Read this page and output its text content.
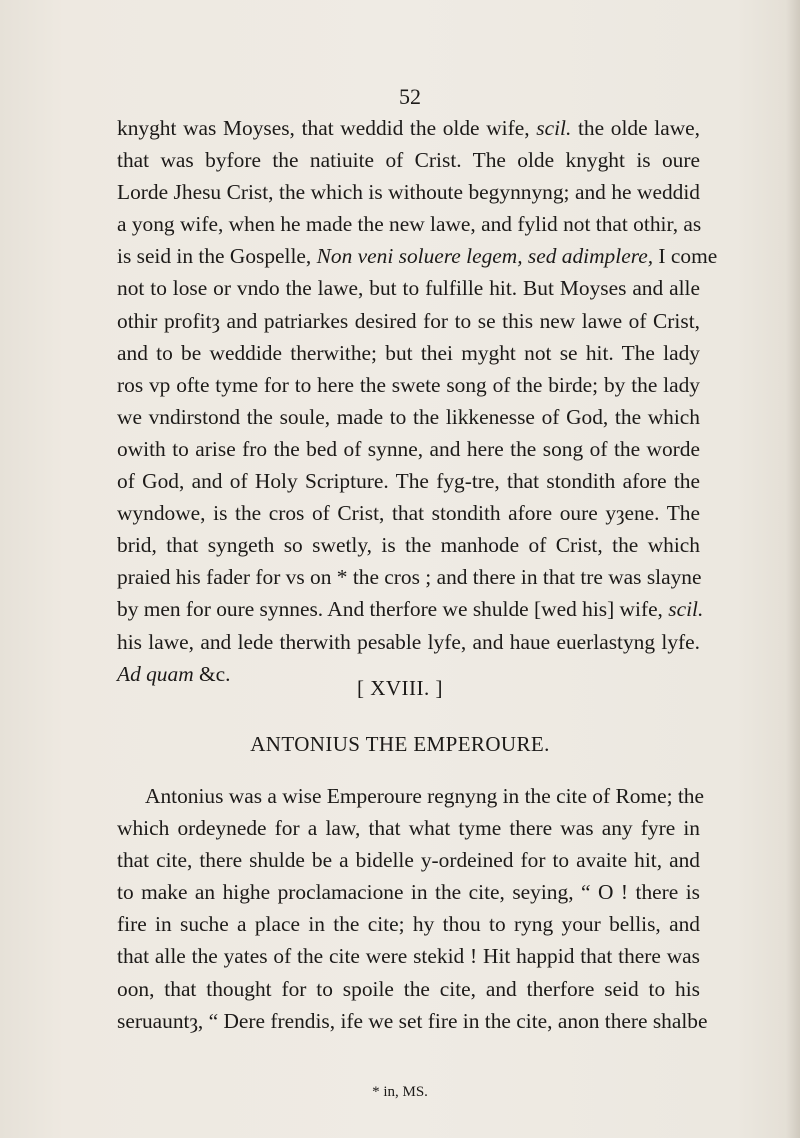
52
knyght was Moyses, that weddid the olde wife, scil. the olde lawe,
that was byfore the natiuite of Crist. The olde knyght is oure
Lorde Jhesu Crist, the which is withoute begynnyng; and he weddid
a yong wife, when he made the new lawe, and fylid not that othir, as
is seid in the Gospelle, Non veni soluere legem, sed adimplere, I come
not to lose or vndo the lawe, but to fulfille hit. But Moyses and alle
othir profitȝ and patriarkes desired for to se this new lawe of Crist,
and to be weddide therwithe; but thei myght not se hit. The lady
ros vp ofte tyme for to here the swete song of the birde; by the lady
we vndirstond the soule, made to the likkenesse of God, the which
owith to arise fro the bed of synne, and here the song of the worde
of God, and of Holy Scripture. The fyg-tre, that stondith afore the
wyndowe, is the cros of Crist, that stondith afore oure yȝene. The
brid, that syngeth so swetly, is the manhode of Crist, the which
praied his fader for vs on * the cros ; and there in that tre was slayne
by men for oure synnes. And therfore we shulde [wed his] wife, scil.
his lawe, and lede therwith pesable lyfe, and haue euerlastyng lyfe.
Ad quam &c.
[ XVIII. ]
ANTONIUS THE EMPEROURE.
Antonius was a wise Emperoure regnyng in the cite of Rome; the
which ordeynede for a law, that what tyme there was any fyre in
that cite, there shulde be a bidelle y-ordeined for to avaite hit, and
to make an highe proclamacione in the cite, seying, “ O ! there is
fire in suche a place in the cite; hy thou to ryng your bellis, and
that alle the yates of the cite were stekid ! Hit happid that there was
oon, that thought for to spoile the cite, and therfore seid to his
seruauntȝ, “ Dere frendis, ife we set fire in the cite, anon there shalbe
* in, MS.
